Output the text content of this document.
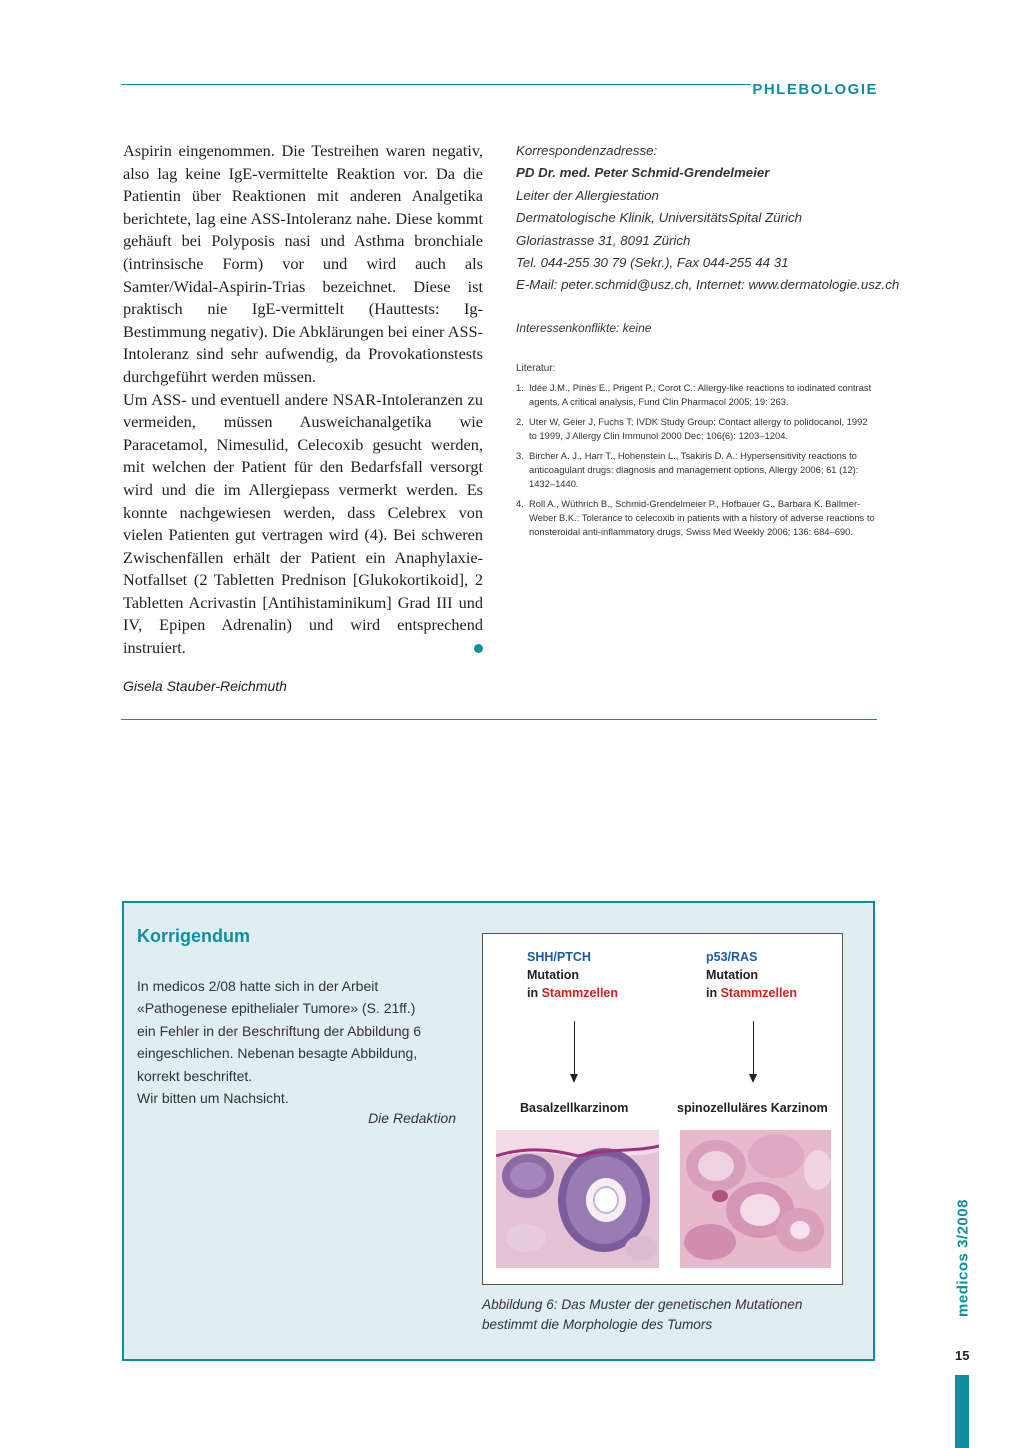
PHLEBOLOGIE

Aspirin eingenommen. Die Testreihen waren negativ, also lag keine IgE-vermittelte Reaktion vor. Da die Patientin über Reaktionen mit anderen Analgetika berichtete, lag eine ASS-Intoleranz nahe. Diese kommt gehäuft bei Polyposis nasi und Asthma bronchiale (intrinsische Form) vor und wird auch als Samter/Widal-Aspirin-Trias bezeichnet. Diese ist praktisch nie IgE-vermittelt (Hauttests: Ig-Bestimmung negativ). Die Abklärungen bei einer ASS-Intoleranz sind sehr aufwendig, da Provokationstests durchgeführt werden müssen.

Um ASS- und eventuell andere NSAR-Intoleranzen zu vermeiden, müssen Ausweichanalgetika wie Paracetamol, Nimesulid, Celecoxib gesucht werden, mit welchen der Patient für den Bedarfsfall versorgt wird und die im Allergiepass vermerkt werden. Es konnte nachgewiesen werden, dass Celebrex von vielen Patienten gut vertragen wird (4). Bei schweren Zwischenfällen erhält der Patient ein Anaphylaxie-Notfallset (2 Tabletten Prednison [Glukokortikoid], 2 Tabletten Acrivastin [Antihistaminikum] Grad III und IV, Epipen Adrenalin) und wird entsprechend instruiert.

Gisela Stauber-Reichmuth
Korrespondenzadresse:
PD Dr. med. Peter Schmid-Grendelmeier
Leiter der Allergiestation
Dermatologische Klinik, UniversitätsSpital Zürich
Gloriastrasse 31, 8091 Zürich
Tel. 044-255 30 79 (Sekr.), Fax 044-255 44 31
E-Mail: peter.schmid@usz.ch, Internet: www.dermatologie.usz.ch
Interessenkonflikte: keine
Literatur:
1. Idée J.M., Pinès E., Prigent P., Corot C.: Allergy-like reactions to iodinated contrast agents. A critical analysis, Fund Clin Pharmacol 2005; 19: 263.
2. Uter W, Geier J, Fuchs T; IVDK Study Group: Contact allergy to polidocanol, 1992 to 1999, J Allergy Clin Immunol 2000 Dec; 106(6): 1203–1204.
3. Bircher A. J., Harr T., Hohenstein L., Tsakiris D. A.: Hypersensitivity reactions to anticoagulant drugs: diagnosis and management options, Allergy 2006; 61 (12): 1432–1440.
4. Roll A., Wüthrich B., Schmid-Grendelmeier P., Hofbauer G., Barbara K. Ballmer-Weber B.K.: Tolerance to celecoxib in patients with a history of adverse reactions to nonsteroidal anti-inflammatory drugs, Swiss Med Weekly 2006; 136: 684–690.
Korrigendum
In medicos 2/08 hatte sich in der Arbeit
«Pathogenese epithelialer Tumore» (S. 21ff.)
ein Fehler in der Beschriftung der Abbildung 6
eingeschlichen. Nebenan besagte Abbildung,
korrekt beschriftet.
Wir bitten um Nachsicht.
Die Redaktion
SHH/PTCH
Mutation
in Stammzellen
p53/RAS
Mutation
in Stammzellen
Basalzellkarzinom	spinozelluläres Karzinom
Abbildung 6: Das Muster der genetischen Mutationen bestimmt die Morphologie des Tumors
medicos 3/2008
15
